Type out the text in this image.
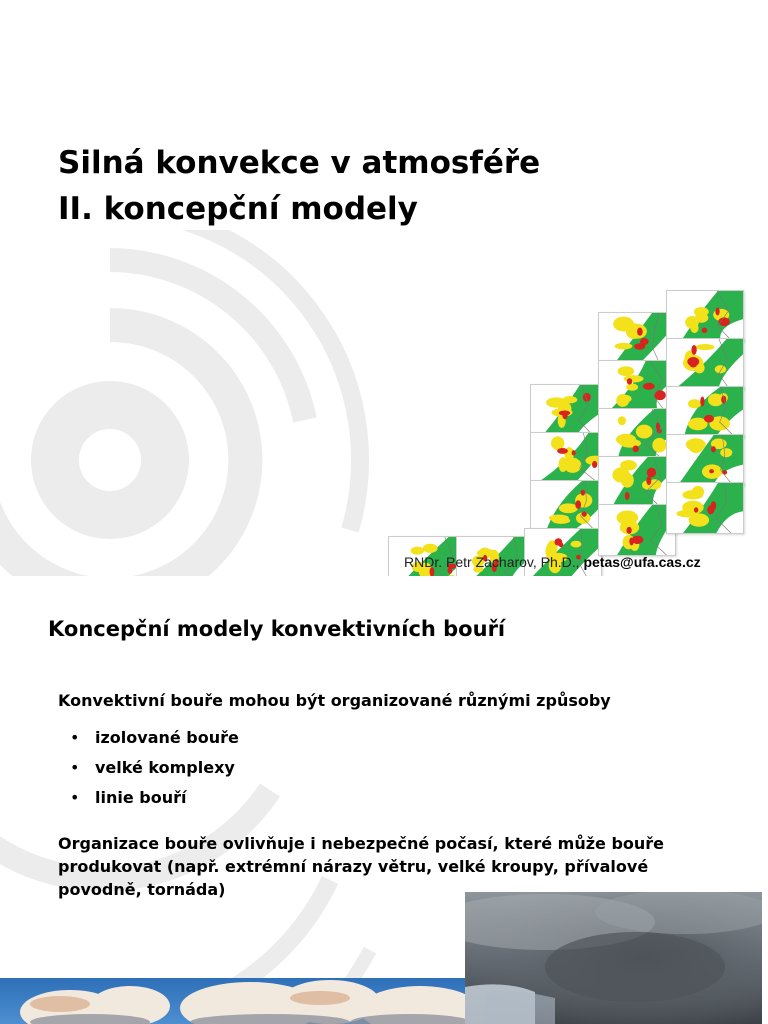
Silná konvekce v atmosféře
II. koncepční modely
RNDr. Petr Zacharov, Ph.D., petas@ufa.cas.cz
Koncepční modely konvektivních bouří
Konvektivní bouře mohou být organizované různými způsoby
• izolované bouře
• velké komplexy
• linie bouří
Organizace bouře ovlivňuje i nebezpečné počasí, které může bouře produkovat (např. extrémní nárazy větru, velké kroupy, přívalové povodně, tornáda)
